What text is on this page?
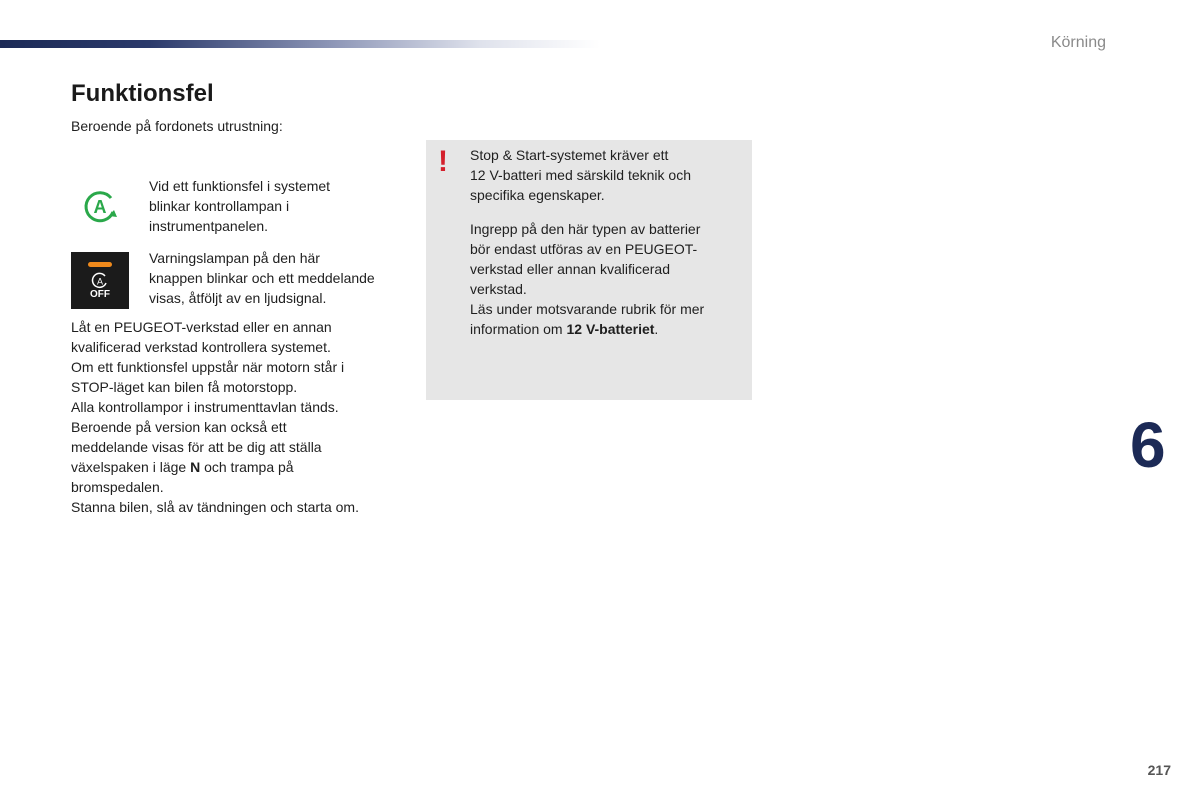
Körning
Funktionsfel
Beroende på fordonets utrustning:
A

Vid ett funktionsfel i systemet

blinkar kontrollampan i

instrumentpanelen.

A
OFF

Varningslampan på den här

knappen blinkar och ett meddelande

visas, åtföljt av en ljudsignal.

Låt en PEUGEOT-verkstad eller en annan

kvalificerad verkstad kontrollera systemet.

Om ett funktionsfel uppstår när motorn står i

STOP-läget kan bilen få motorstopp.

Alla kontrollampor i instrumenttavlan tänds.

Beroende på version kan också ett

meddelande visas för att be dig att ställa

växelspaken i läge N och trampa på

bromspedalen.

Stanna bilen, slå av tändningen och starta om.

! Stop & Start-systemet kräver ett

12 V-batteri med särskild teknik och

specifika egenskaper.

Ingrepp på den här typen av batterier

bör endast utföras av en PEUGEOT-

verkstad eller annan kvalificerad

verkstad.

Läs under motsvarande rubrik för mer

information om 12 V-batteriet.

6
217
